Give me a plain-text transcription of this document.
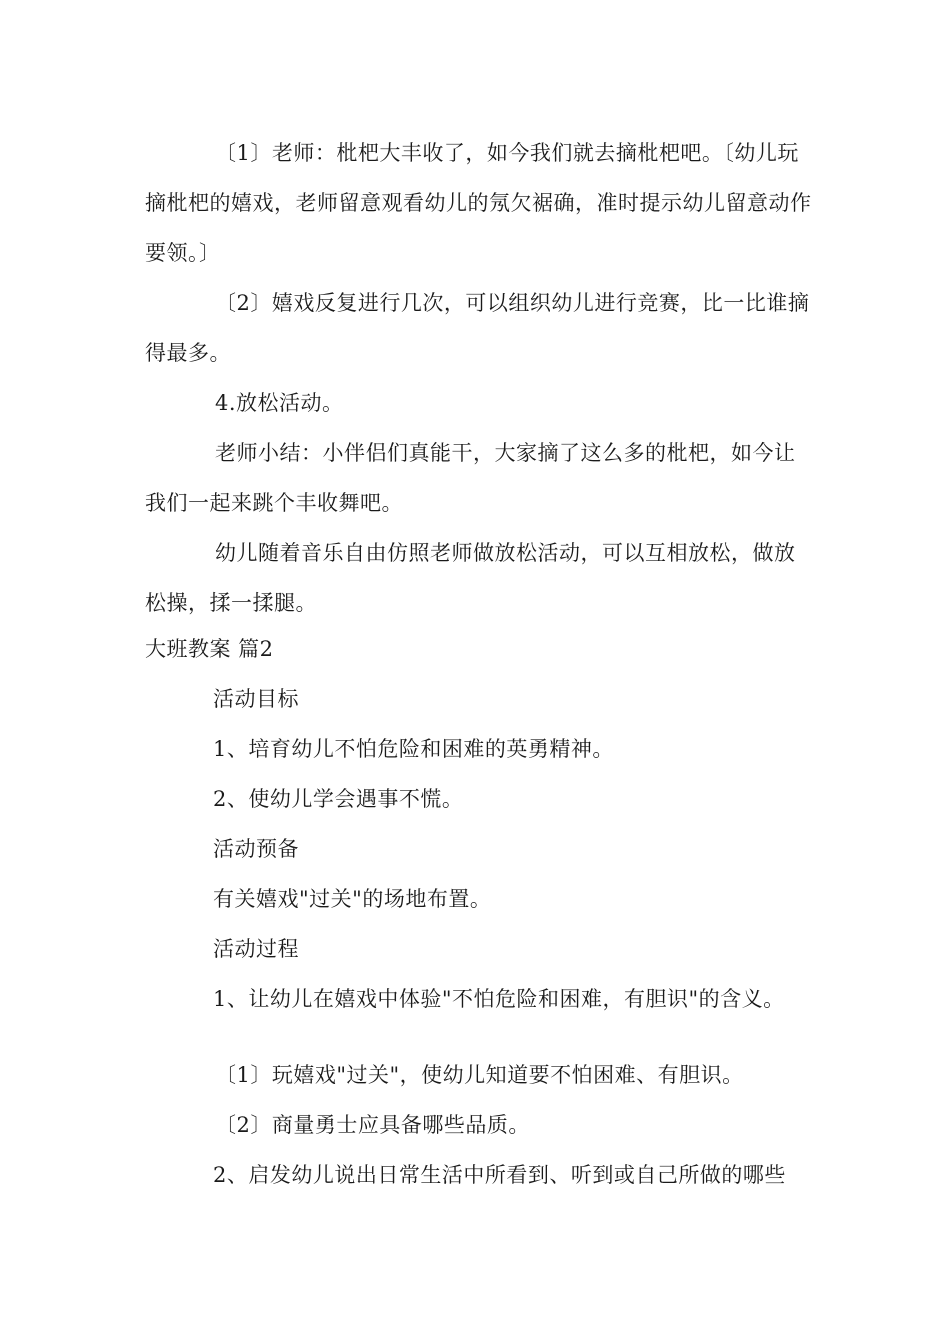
〔1〕老师：枇杷大丰收了，如今我们就去摘枇杷吧。〔幼儿玩摘枇杷的嬉戏，老师留意观看幼儿的氖欠裾确，准时提示幼儿留意动作要领。〕

〔2〕嬉戏反复进行几次，可以组织幼儿进行竞赛，比一比谁摘得最多。

4.放松活动。

老师小结：小伴侣们真能干，大家摘了这么多的枇杷，如今让我们一起来跳个丰收舞吧。

幼儿随着音乐自由仿照老师做放松活动，可以互相放松，做放松操，揉一揉腿。

大班教案 篇2

活动目标

1、培育幼儿不怕危险和困难的英勇精神。

2、使幼儿学会遇事不慌。

活动预备

有关嬉戏"过关"的场地布置。

活动过程

1、让幼儿在嬉戏中体验"不怕危险和困难，有胆识"的含义。

〔1〕玩嬉戏"过关"，使幼儿知道要不怕困难、有胆识。

〔2〕商量勇士应具备哪些品质。

2、启发幼儿说出日常生活中所看到、听到或自己所做的哪些
